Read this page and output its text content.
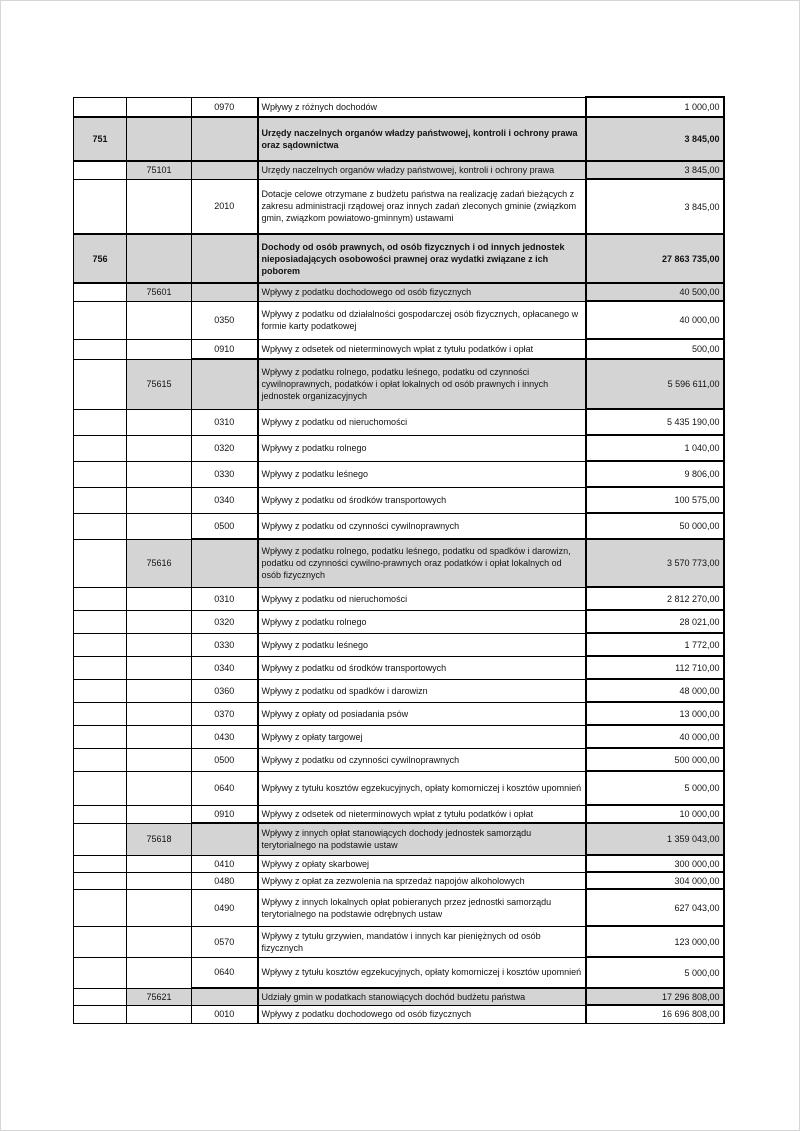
		0970	Wpływy z różnych dochodów	1 000,00
751			Urzędy naczelnych organów władzy państwowej, kontroli i ochrony prawa oraz sądownictwa	3 845,00
	75101		Urzędy naczelnych organów władzy państwowej, kontroli i ochrony prawa	3 845,00
		2010	Dotacje celowe otrzymane z budżetu państwa na realizację zadań bieżących z zakresu administracji rządowej oraz innych zadań zleconych gminie (związkom gmin, związkom powiatowo-gminnym) ustawami	3 845,00
756			Dochody od osób prawnych, od osób fizycznych i od innych jednostek nieposiadających osobowości prawnej oraz wydatki związane z ich poborem	27 863 735,00
	75601		Wpływy z podatku dochodowego od osób fizycznych	40 500,00
		0350	Wpływy z podatku od działalności gospodarczej osób fizycznych, opłacanego w formie karty podatkowej	40 000,00
		0910	Wpływy z odsetek od nieterminowych wpłat z tytułu podatków i opłat	500,00
	75615		Wpływy z podatku rolnego, podatku leśnego, podatku od czynności cywilnoprawnych, podatków i opłat lokalnych od osób prawnych i innych jednostek organizacyjnych	5 596 611,00
		0310	Wpływy z podatku od nieruchomości	5 435 190,00
		0320	Wpływy z podatku rolnego	1 040,00
		0330	Wpływy z podatku leśnego	9 806,00
		0340	Wpływy z podatku od środków transportowych	100 575,00
		0500	Wpływy z podatku od czynności cywilnoprawnych	50 000,00
	75616		Wpływy z podatku rolnego, podatku leśnego, podatku od spadków i darowizn, podatku od czynności cywilno-prawnych oraz podatków i opłat lokalnych od osób fizycznych	3 570 773,00
		0310	Wpływy z podatku od nieruchomości	2 812 270,00
		0320	Wpływy z podatku rolnego	28 021,00
		0330	Wpływy z podatku leśnego	1 772,00
		0340	Wpływy z podatku od środków transportowych	112 710,00
		0360	Wpływy z podatku od spadków i darowizn	48 000,00
		0370	Wpływy z opłaty od posiadania psów	13 000,00
		0430	Wpływy z opłaty targowej	40 000,00
		0500	Wpływy z podatku od czynności cywilnoprawnych	500 000,00
		0640	Wpływy z tytułu kosztów egzekucyjnych, opłaty komorniczej i kosztów upomnień	5 000,00
		0910	Wpływy z odsetek od nieterminowych wpłat z tytułu podatków i opłat	10 000,00
	75618		Wpływy z innych opłat stanowiących dochody jednostek samorządu terytorialnego na podstawie ustaw	1 359 043,00
		0410	Wpływy z opłaty skarbowej	300 000,00
		0480	Wpływy z opłat za zezwolenia na sprzedaż napojów alkoholowych	304 000,00
		0490	Wpływy z innych lokalnych opłat pobieranych przez jednostki samorządu terytorialnego na podstawie odrębnych ustaw	627 043,00
		0570	Wpływy z tytułu grzywien, mandatów i innych kar pieniężnych od osób fizycznych	123 000,00
		0640	Wpływy z tytułu kosztów egzekucyjnych, opłaty komorniczej i kosztów upomnień	5 000,00
	75621		Udziały gmin w podatkach stanowiących dochód budżetu państwa	17 296 808,00
		0010	Wpływy z podatku dochodowego od osób fizycznych	16 696 808,00
